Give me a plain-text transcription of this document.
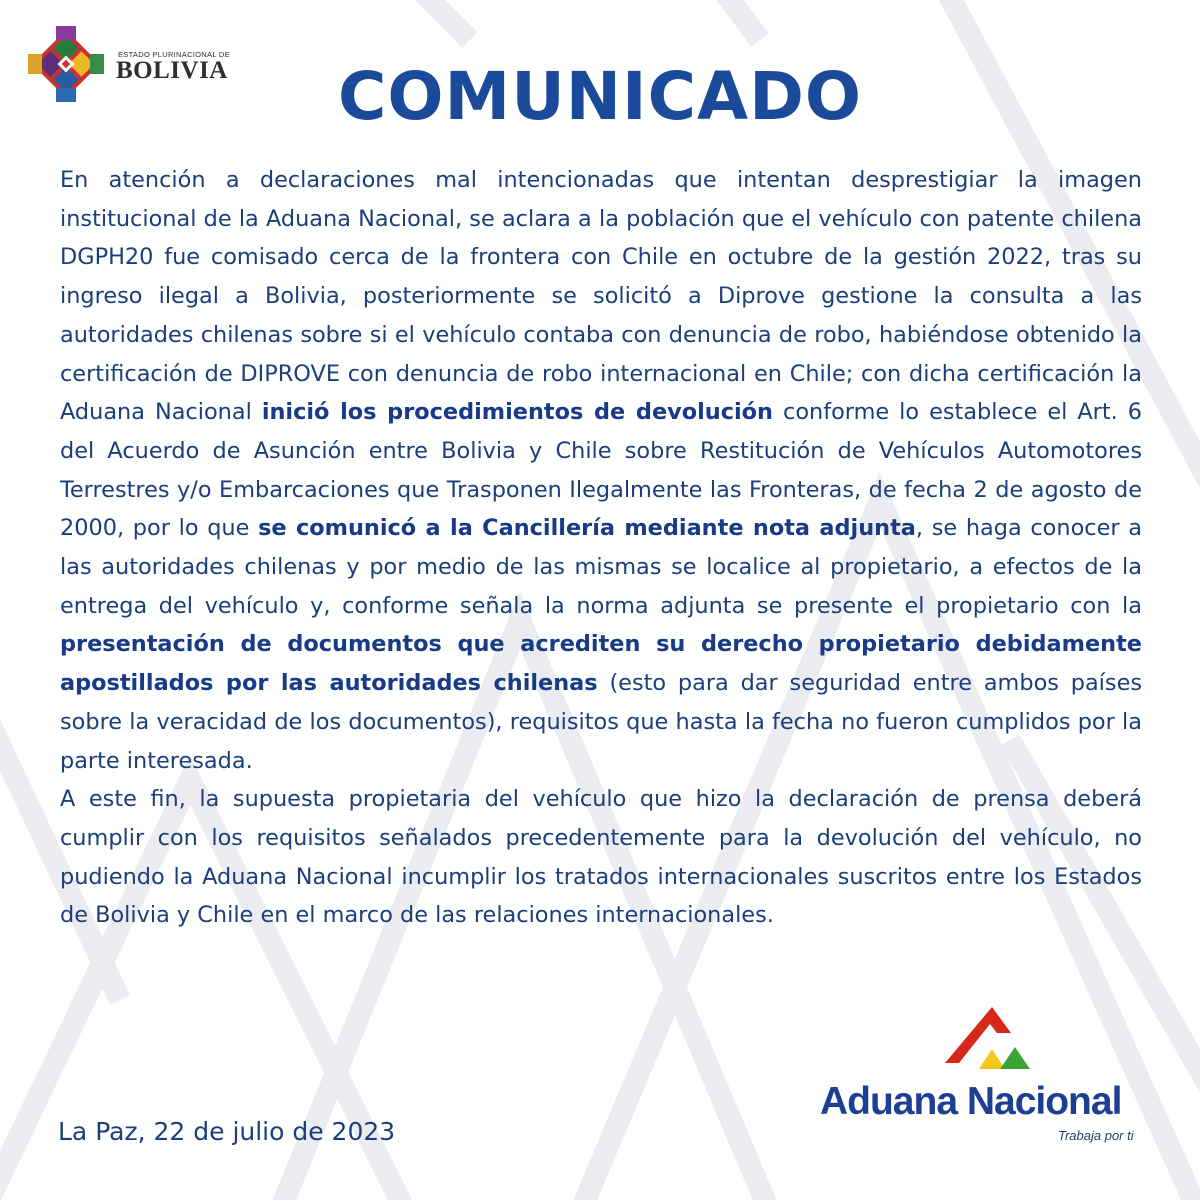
ESTADO PLURINACIONAL DE
BOLIVIA	COMUNICADO

En atención a declaraciones mal intencionadas que intentan desprestigiar la imagen institucional de la Aduana Nacional, se aclara a la población que el vehículo con patente chilena DGPH20 fue comisado cerca de la frontera con Chile en octubre de la gestión 2022, tras su ingreso ilegal a Bolivia, posteriormente se solicitó a Diprove gestione la consulta a las autoridades chilenas sobre si el vehículo contaba con denuncia de robo, habiéndose obtenido la certificación de DIPROVE con denuncia de robo internacional en Chile; con dicha certificación la Aduana Nacional inició los procedimientos de devolución conforme lo establece el Art. 6 del Acuerdo de Asunción entre Bolivia y Chile sobre Restitución de Vehículos Automotores Terrestres y/o Embarcaciones que Trasponen Ilegalmente las Fronteras, de fecha 2 de agosto de 2000, por lo que se comunicó a la Cancillería mediante nota adjunta, se haga conocer a las autoridades chilenas y por medio de las mismas se localice al propietario, a efectos de la entrega del vehículo y, conforme señala la norma adjunta se presente el propietario con la presentación de documentos que acrediten su derecho propietario debidamente apostillados por las autoridades chilenas (esto para dar seguridad entre ambos países sobre la veracidad de los documentos), requisitos que hasta la fecha no fueron cumplidos por la parte interesada.

A este fin, la supuesta propietaria del vehículo que hizo la declaración de prensa deberá cumplir con los requisitos señalados precedentemente para la devolución del vehículo, no pudiendo la Aduana Nacional incumplir los tratados internacionales suscritos entre los Estados de Bolivia y Chile en el marco de las relaciones internacionales.

La Paz, 22 de julio de 2023
Aduana Nacional
Trabaja por ti
